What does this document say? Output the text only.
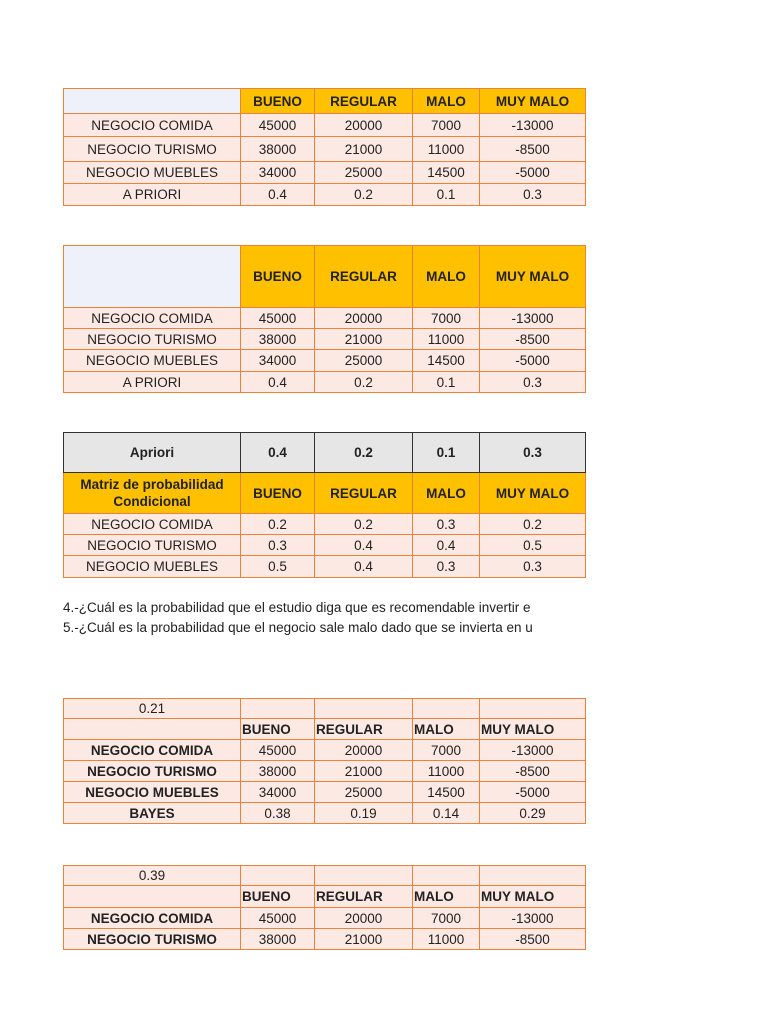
	BUENO	REGULAR	MALO	MUY MALO
NEGOCIO COMIDA	45000	20000	7000	-13000
NEGOCIO TURISMO	38000	21000	11000	-8500
NEGOCIO MUEBLES	34000	25000	14500	-5000
A PRIORI	0.4	0.2	0.1	0.3
	BUENO	REGULAR	MALO	MUY MALO
NEGOCIO COMIDA	45000	20000	7000	-13000
NEGOCIO TURISMO	38000	21000	11000	-8500
NEGOCIO MUEBLES	34000	25000	14500	-5000
A PRIORI	0.4	0.2	0.1	0.3
Apriori	0.4	0.2	0.1	0.3
Matriz de probabilidad Condicional	BUENO	REGULAR	MALO	MUY MALO
NEGOCIO COMIDA	0.2	0.2	0.3	0.2
NEGOCIO TURISMO	0.3	0.4	0.4	0.5
NEGOCIO MUEBLES	0.5	0.4	0.3	0.3
4.-¿Cuál es la probabilidad que el estudio diga que es recomendable invertir e
5.-¿Cuál es la probabilidad que el negocio sale malo dado que se invierta en u
0.21				
	BUENO	REGULAR	MALO	MUY MALO
NEGOCIO COMIDA	45000	20000	7000	-13000
NEGOCIO TURISMO	38000	21000	11000	-8500
NEGOCIO MUEBLES	34000	25000	14500	-5000
BAYES	0.38	0.19	0.14	0.29
0.39				
	BUENO	REGULAR	MALO	MUY MALO
NEGOCIO COMIDA	45000	20000	7000	-13000
NEGOCIO TURISMO	38000	21000	11000	-8500
